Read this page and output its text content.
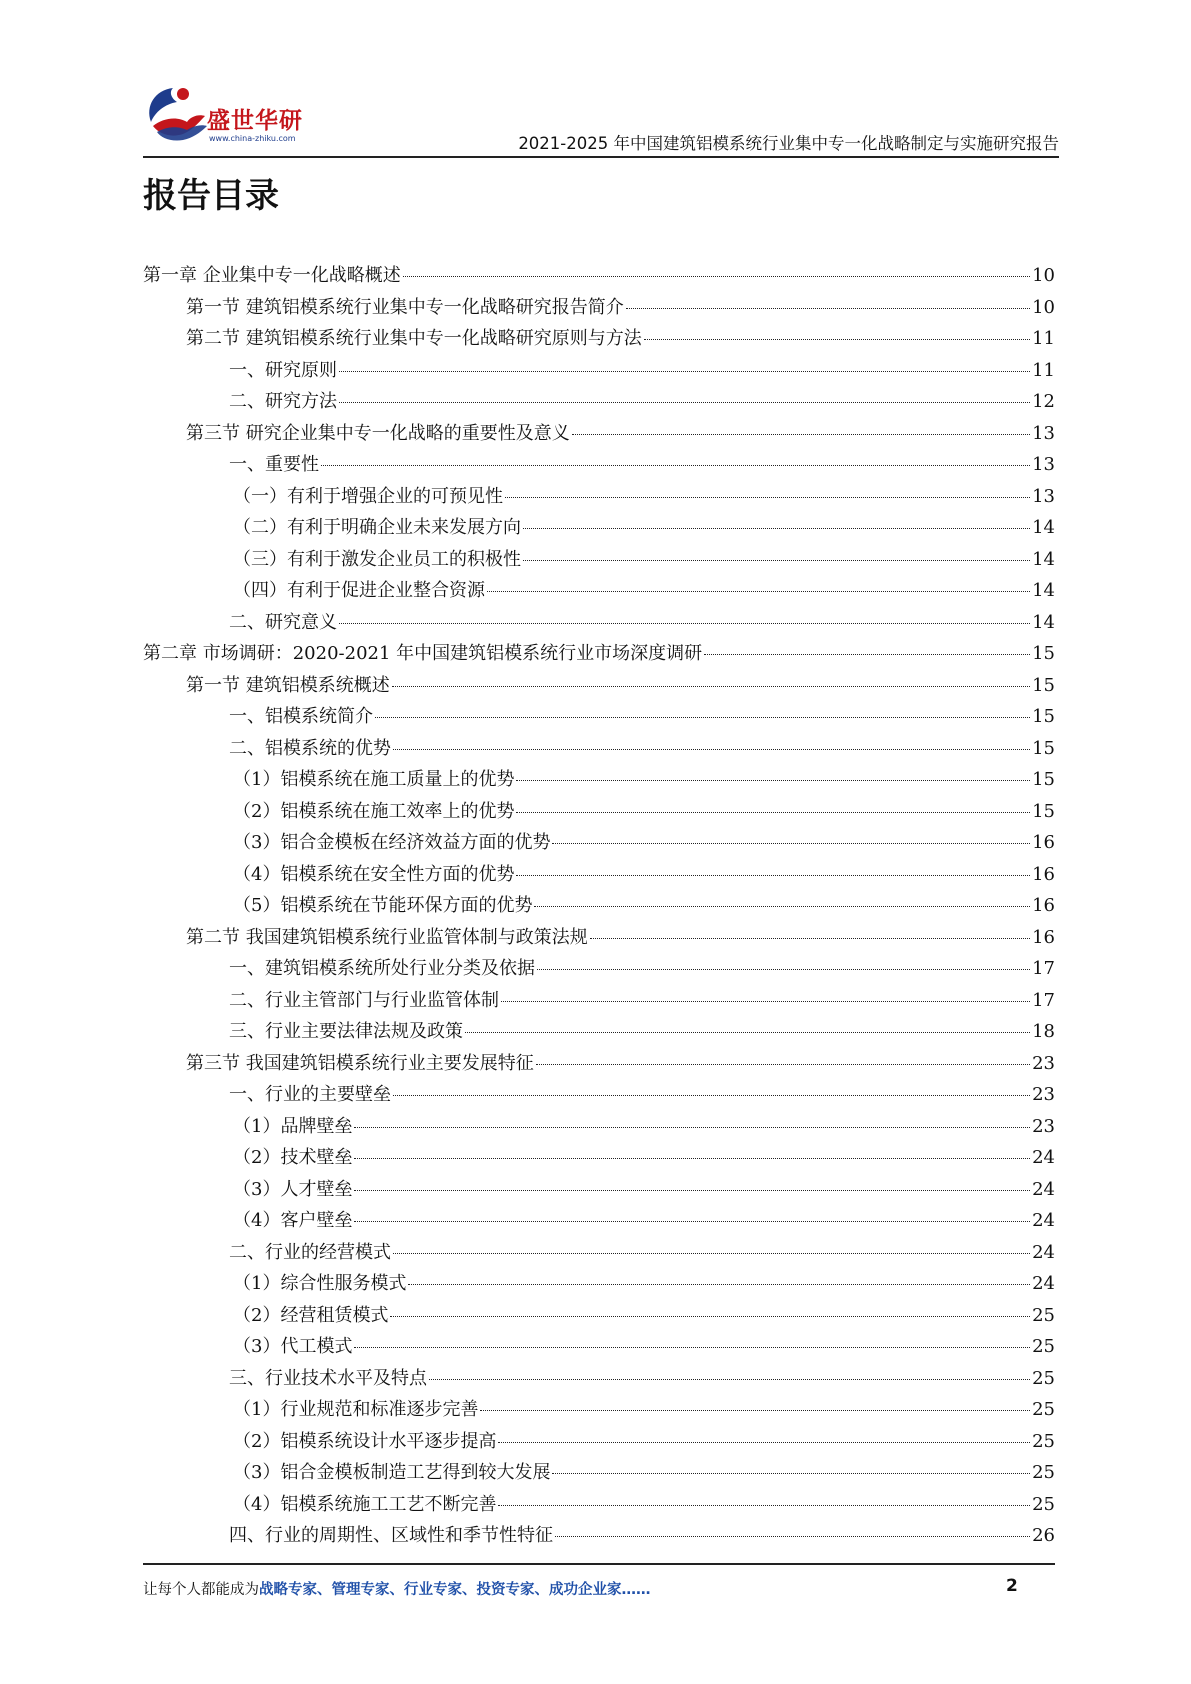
盛世华研
www.china-zhiku.com	2021-2025 年中国建筑铝模系统行业集中专一化战略制定与实施研究报告
报告目录
第一章 企业集中专一化战略概述	10
第一节 建筑铝模系统行业集中专一化战略研究报告简介	10
第二节 建筑铝模系统行业集中专一化战略研究原则与方法	11
一、研究原则	11
二、研究方法	12
第三节 研究企业集中专一化战略的重要性及意义	13
一、重要性	13
（一）有利于增强企业的可预见性	13
（二）有利于明确企业未来发展方向	14
（三）有利于激发企业员工的积极性	14
（四）有利于促进企业整合资源	14
二、研究意义	14
第二章 市场调研：2020-2021 年中国建筑铝模系统行业市场深度调研	15
第一节 建筑铝模系统概述	15
一、铝模系统简介	15
二、铝模系统的优势	15
（1）铝模系统在施工质量上的优势	15
（2）铝模系统在施工效率上的优势	15
（3）铝合金模板在经济效益方面的优势	16
（4）铝模系统在安全性方面的优势	16
（5）铝模系统在节能环保方面的优势	16
第二节 我国建筑铝模系统行业监管体制与政策法规	16
一、建筑铝模系统所处行业分类及依据	17
二、行业主管部门与行业监管体制	17
三、行业主要法律法规及政策	18
第三节 我国建筑铝模系统行业主要发展特征	23
一、行业的主要壁垒	23
（1）品牌壁垒	23
（2）技术壁垒	24
（3）人才壁垒	24
（4）客户壁垒	24
二、行业的经营模式	24
（1）综合性服务模式	24
（2）经营租赁模式	25
（3）代工模式	25
三、行业技术水平及特点	25
（1）行业规范和标准逐步完善	25
（2）铝模系统设计水平逐步提高	25
（3）铝合金模板制造工艺得到较大发展	25
（4）铝模系统施工工艺不断完善	25
四、行业的周期性、区域性和季节性特征	26
让每个人都能成为战略专家、管理专家、行业专家、投资专家、成功企业家……	2
